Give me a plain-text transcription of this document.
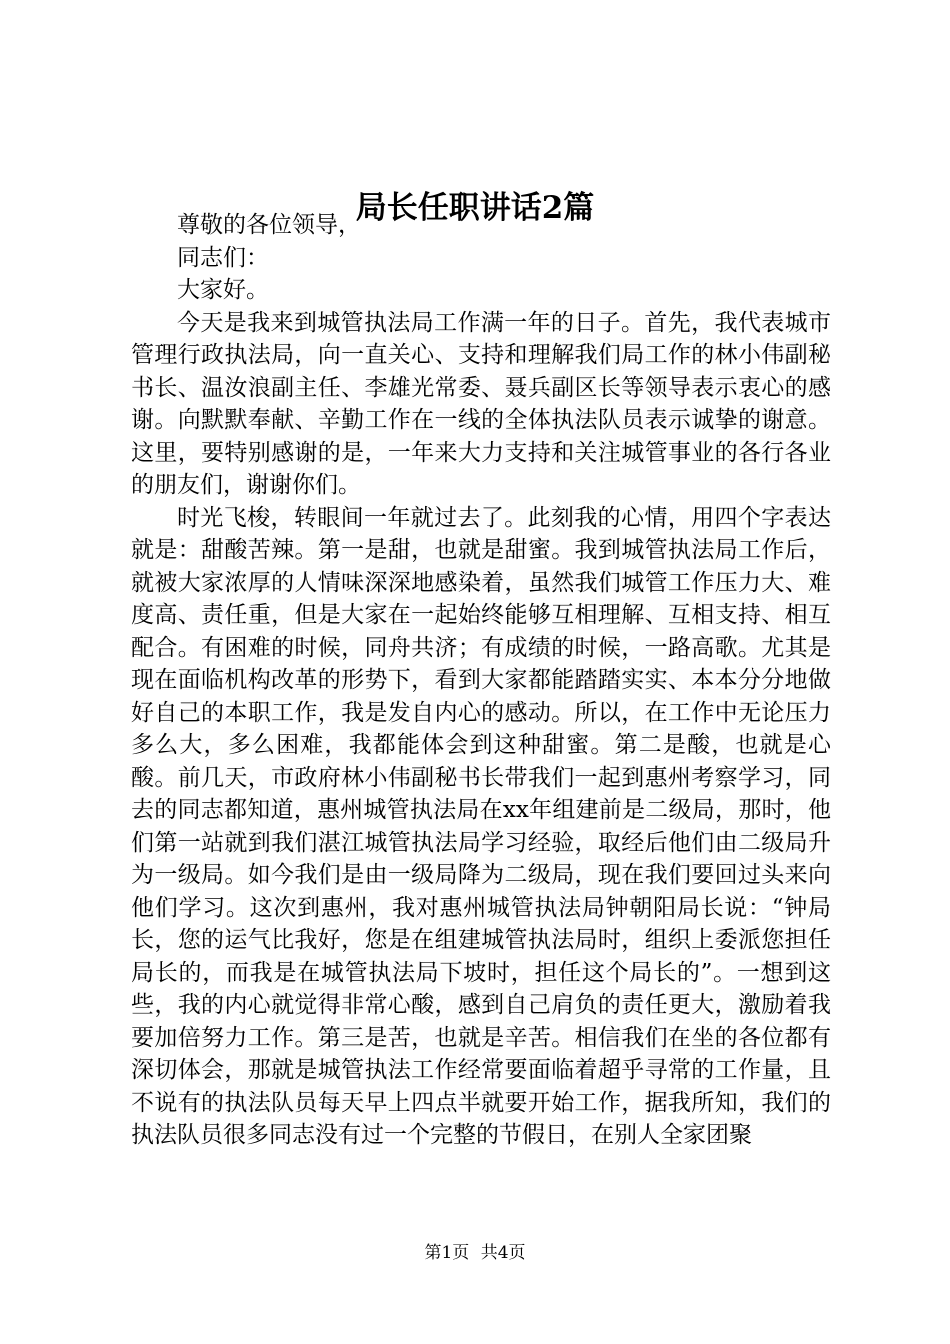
局长任职讲话2篇

尊敬的各位领导，

同志们：

大家好。

今天是我来到城管执法局工作满一年的日子。首先，我代表城市管理行政执法局，向一直关心、支持和理解我们局工作的林小伟副秘书长、温汝浪副主任、李雄光常委、聂兵副区长等领导表示衷心的感谢。向默默奉献、辛勤工作在一线的全体执法队员表示诚挚的谢意。这里，要特别感谢的是，一年来大力支持和关注城管事业的各行各业的朋友们，谢谢你们。

时光飞梭，转眼间一年就过去了。此刻我的心情，用四个字表达就是：甜酸苦辣。第一是甜，也就是甜蜜。我到城管执法局工作后，就被大家浓厚的人情味深深地感染着，虽然我们城管工作压力大、难度高、责任重，但是大家在一起始终能够互相理解、互相支持、相互配合。有困难的时候，同舟共济；有成绩的时候，一路高歌。尤其是现在面临机构改革的形势下，看到大家都能踏踏实实、本本分分地做好自己的本职工作，我是发自内心的感动。所以，在工作中无论压力多么大，多么困难，我都能体会到这种甜蜜。第二是酸，也就是心酸。前几天，市政府林小伟副秘书长带我们一起到惠州考察学习，同去的同志都知道，惠州城管执法局在xx年组建前是二级局，那时，他们第一站就到我们湛江城管执法局学习经验，取经后他们由二级局升为一级局。如今我们是由一级局降为二级局，现在我们要回过头来向他们学习。这次到惠州，我对惠州城管执法局钟朝阳局长说：“钟局长，您的运气比我好，您是在组建城管执法局时，组织上委派您担任局长的，而我是在城管执法局下坡时，担任这个局长的”。一想到这些，我的内心就觉得非常心酸，感到自己肩负的责任更大，激励着我要加倍努力工作。第三是苦，也就是辛苦。相信我们在坐的各位都有深切体会，那就是城管执法工作经常要面临着超乎寻常的工作量，且不说有的执法队员每天早上四点半就要开始工作，据我所知，我们的执法队员很多同志没有过一个完整的节假日，在别人全家团聚

第1页 共4页
